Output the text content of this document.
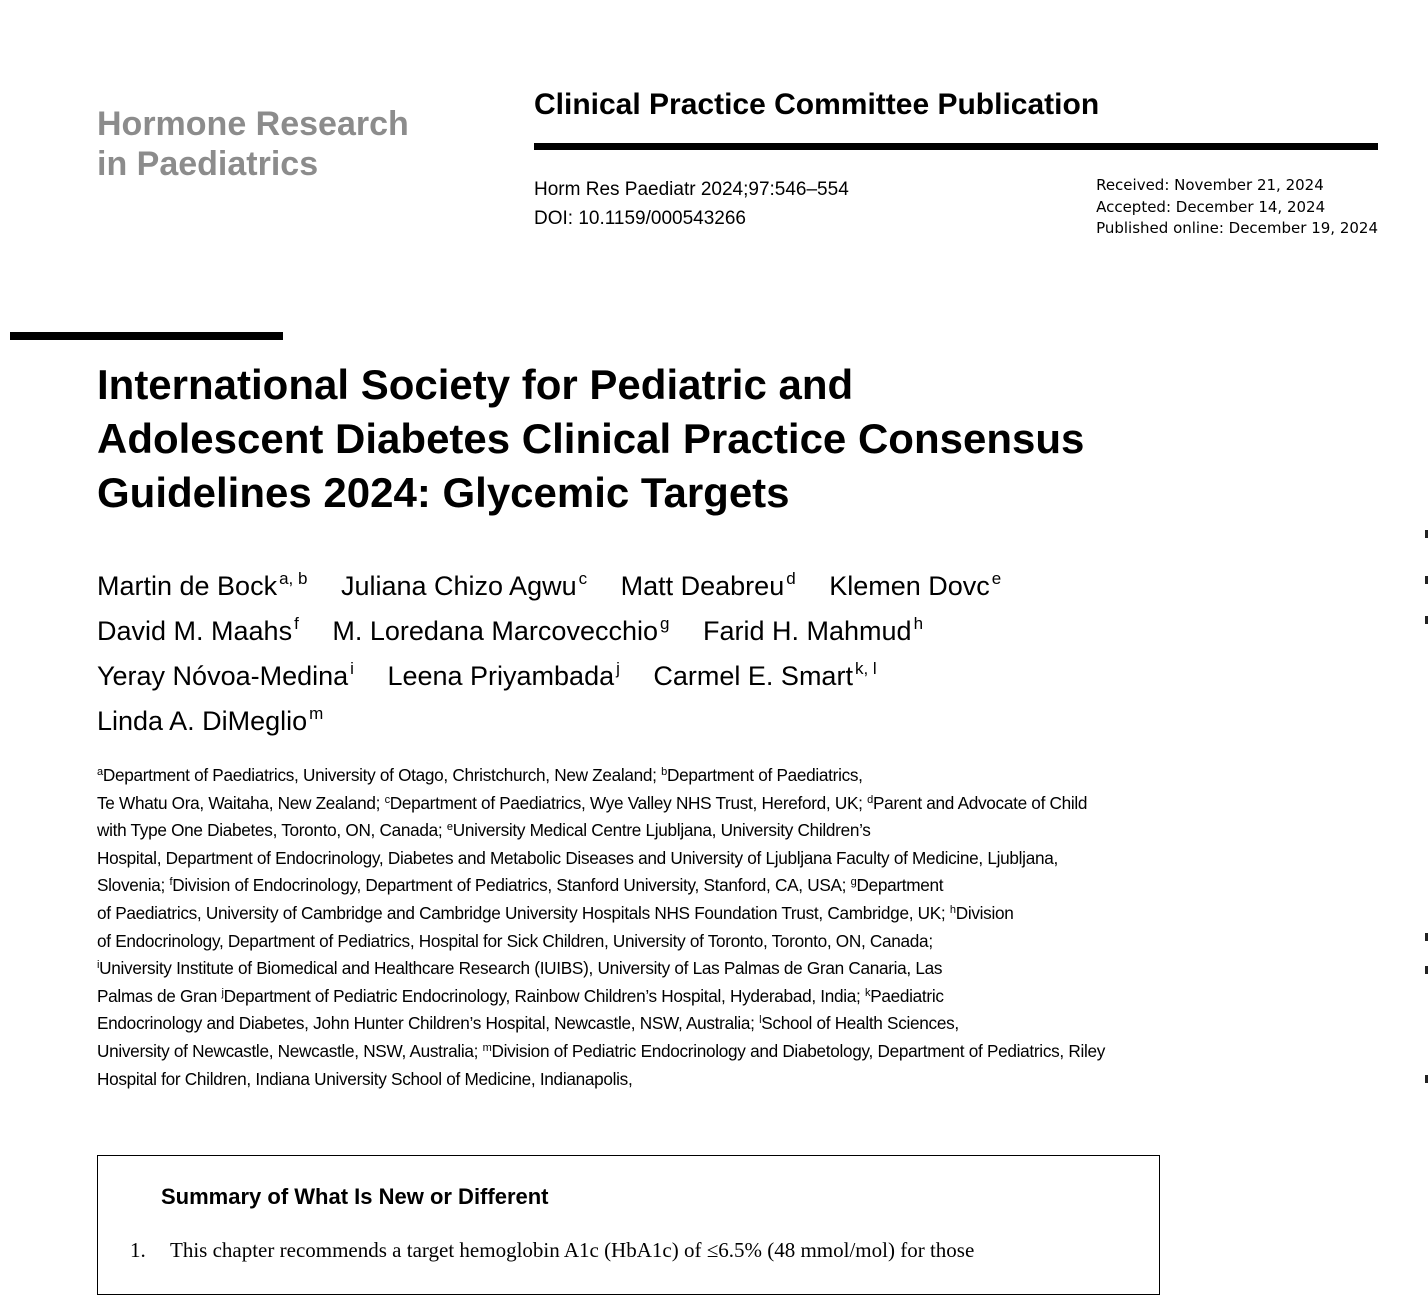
Hormone Research
in Paediatrics
Clinical Practice Committee Publication
Horm Res Paediatr 2024;97:546–554
DOI: 10.1159/000543266
Received: November 21, 2024
Accepted: December 14, 2024
Published online: December 19, 2024
International Society for Pediatric and
Adolescent Diabetes Clinical Practice Consensus
Guidelines 2024: Glycemic Targets
Martin de Bock $^{a, b}$ Juliana Chizo Agwu $^c$ Matt Deabreu $^d$ Klemen Dovc $^e$
David M. Maahs $^f$ M. Loredana Marcovecchio $^g$ Farid H. Mahmud $^h$
Yeray Nóvoa-Medina $^i$ Leena Priyambada $^j$ Carmel E. Smart $^{k, l}$
Linda A. DiMeglio $^m$
$^a$Department of Paediatrics, University of Otago, Christchurch, New Zealand; $^b$Department of Paediatrics,
Te Whatu Ora, Waitaha, New Zealand; $^c$Department of Paediatrics, Wye Valley NHS Trust, Hereford, UK; $^d$Parent and Advocate of Child
with Type One Diabetes, Toronto, ON, Canada; $^e$University Medical Centre Ljubljana, University Children’s
Hospital, Department of Endocrinology, Diabetes and Metabolic Diseases and University of Ljubljana Faculty of Medicine, Ljubljana,
Slovenia; $^f$Division of Endocrinology, Department of Pediatrics, Stanford University, Stanford, CA, USA; $^g$Department
of Paediatrics, University of Cambridge and Cambridge University Hospitals NHS Foundation Trust, Cambridge, UK; $^h$Division
of Endocrinology, Department of Pediatrics, Hospital for Sick Children, University of Toronto, Toronto, ON, Canada;
$^i$University Institute of Biomedical and Healthcare Research (IUIBS), University of Las Palmas de Gran Canaria, Las
Palmas de Gran $^j$Department of Pediatric Endocrinology, Rainbow Children’s Hospital, Hyderabad, India; $^k$Paediatric
Endocrinology and Diabetes, John Hunter Children’s Hospital, Newcastle, NSW, Australia; $^l$School of Health Sciences,
University of Newcastle, Newcastle, NSW, Australia; $^m$Division of Pediatric Endocrinology and Diabetology, Department of Pediatrics, Riley
Hospital for Children, Indiana University School of Medicine, Indianapolis,
Summary of What Is New or Different
1. This chapter recommends a target hemoglobin A1c (HbA1c) of ≤6.5% (48 mmol/mol) for those
